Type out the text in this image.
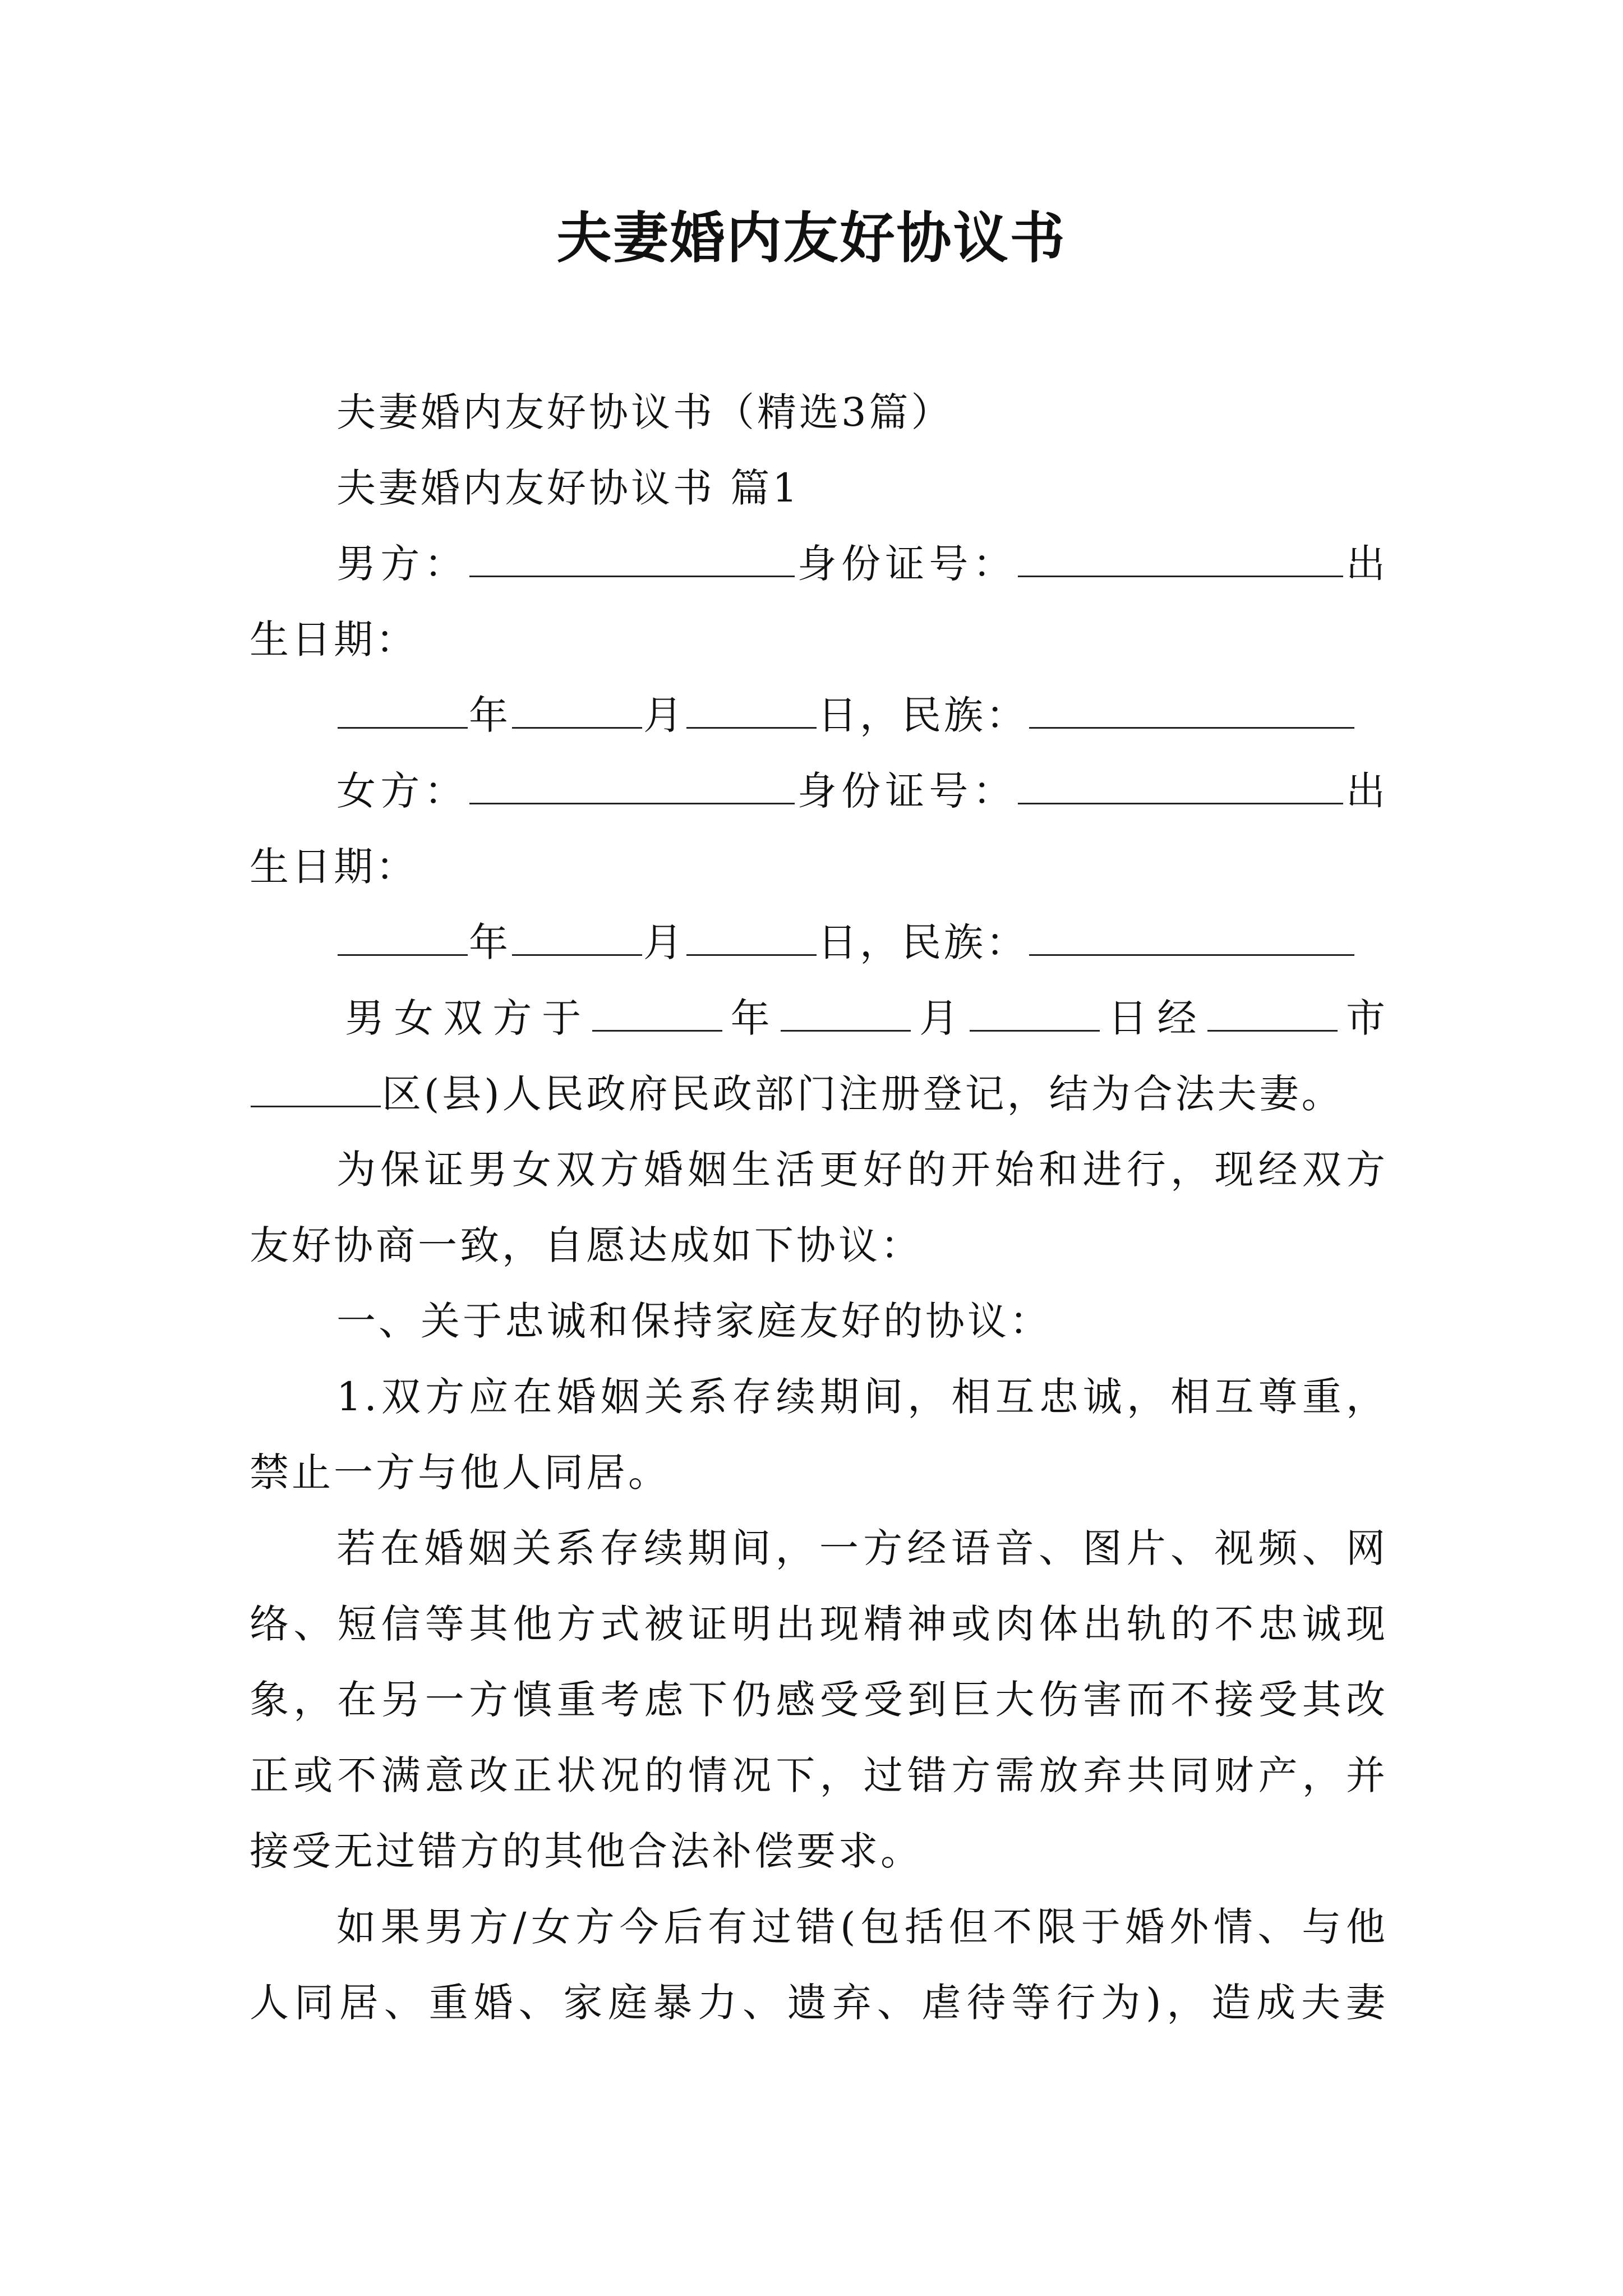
夫妻婚内友好协议书
夫妻婚内友好协议书（精选3篇）
夫妻婚内友好协议书 篇1
男方：	身份证号：	出
生日期：
年	月	日，民族：
女方：	身份证号：	出
生日期：
年	月	日，民族：
男女双方于	年	月	日经	市
区(县)人民政府民政部门注册登记，结为合法夫妻。
为保证男女双方婚姻生活更好的开始和进行，现经双方
友好协商一致，自愿达成如下协议：
一、关于忠诚和保持家庭友好的协议：
1.双方应在婚姻关系存续期间，相互忠诚，相互尊重，
禁止一方与他人同居。
若在婚姻关系存续期间，一方经语音、图片、视频、网
络、短信等其他方式被证明出现精神或肉体出轨的不忠诚现
象，在另一方慎重考虑下仍感受受到巨大伤害而不接受其改
正或不满意改正状况的情况下，过错方需放弃共同财产，并
接受无过错方的其他合法补偿要求。
如果男方/女方今后有过错(包括但不限于婚外情、与他
人同居、重婚、家庭暴力、遗弃、虐待等行为)，造成夫妻
